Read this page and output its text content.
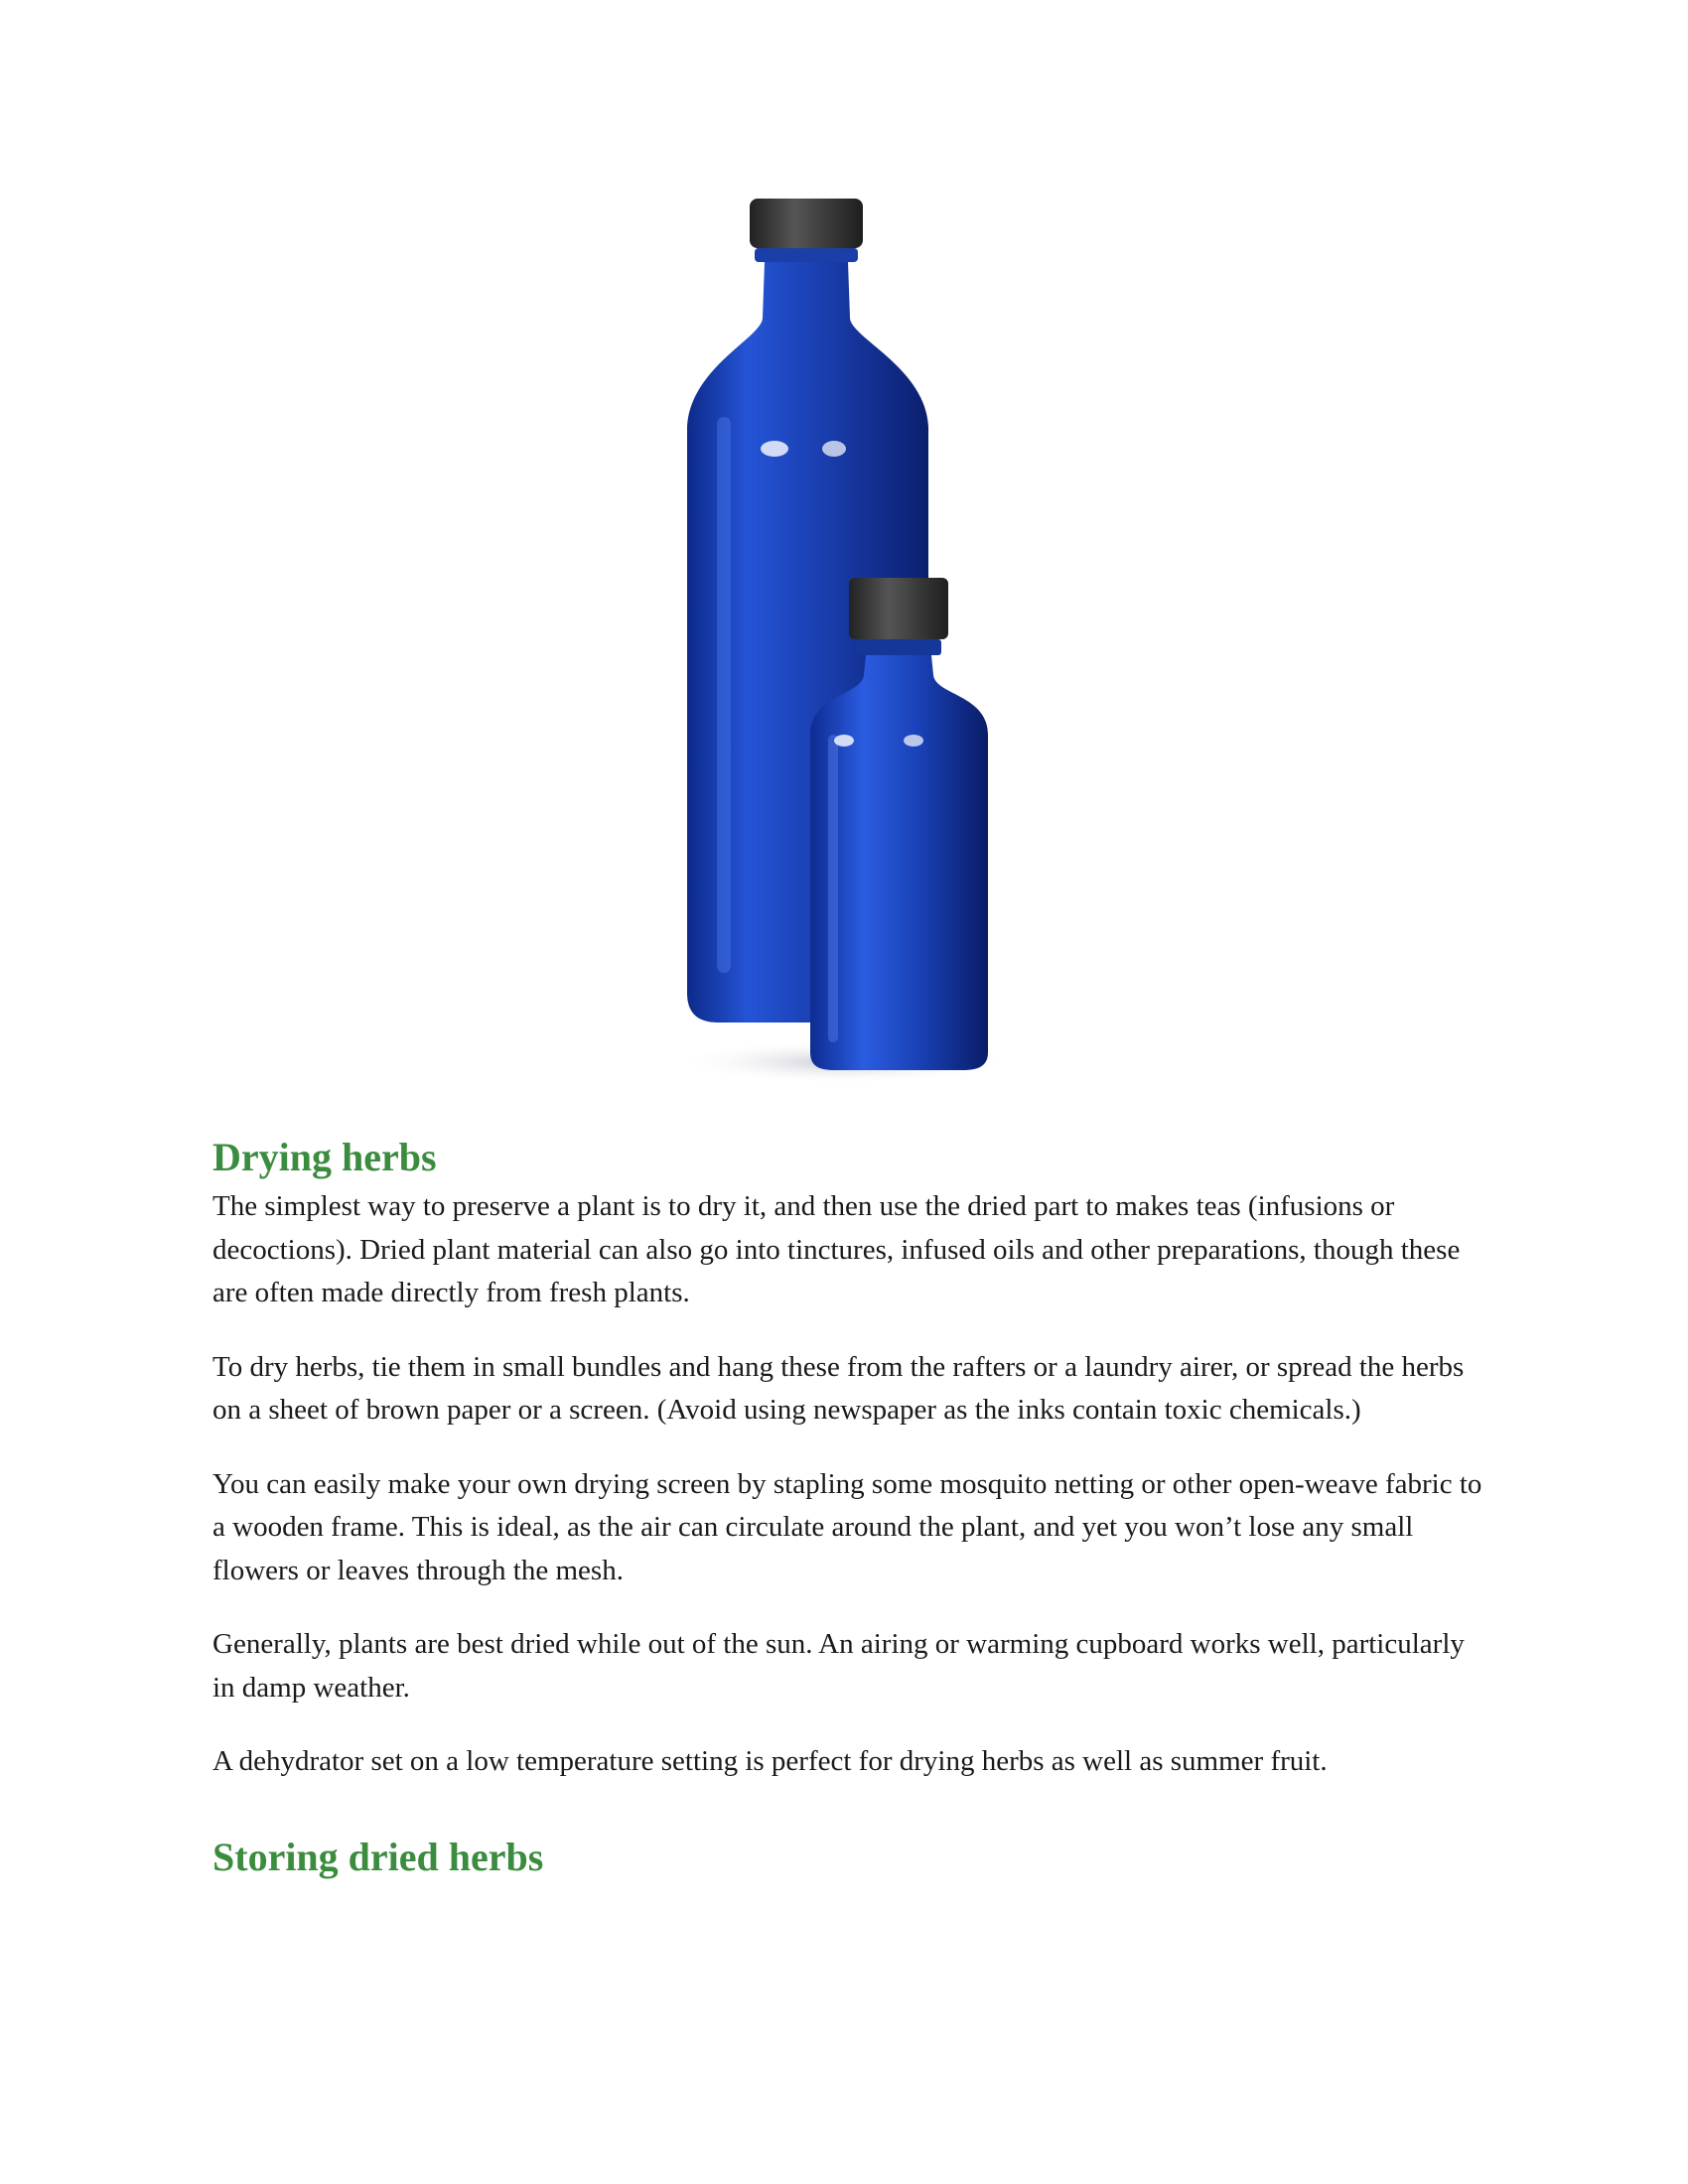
Drying herbs

The simplest way to preserve a plant is to dry it, and then use the dried part to makes teas (infusions or decoctions). Dried plant material can also go into tinctures, infused oils and other preparations, though these are often made directly from fresh plants.

To dry herbs, tie them in small bundles and hang these from the rafters or a laundry airer, or spread the herbs on a sheet of brown paper or a screen. (Avoid using newspaper as the inks contain toxic chemicals.)

You can easily make your own drying screen by stapling some mosquito netting or other open-weave fabric to a wooden frame. This is ideal, as the air can circulate around the plant, and yet you won’t lose any small flowers or leaves through the mesh.

Generally, plants are best dried while out of the sun. An airing or warming cupboard works well, particularly in damp weather.

A dehydrator set on a low temperature setting is perfect for drying herbs as well as summer fruit.

Storing dried herbs
